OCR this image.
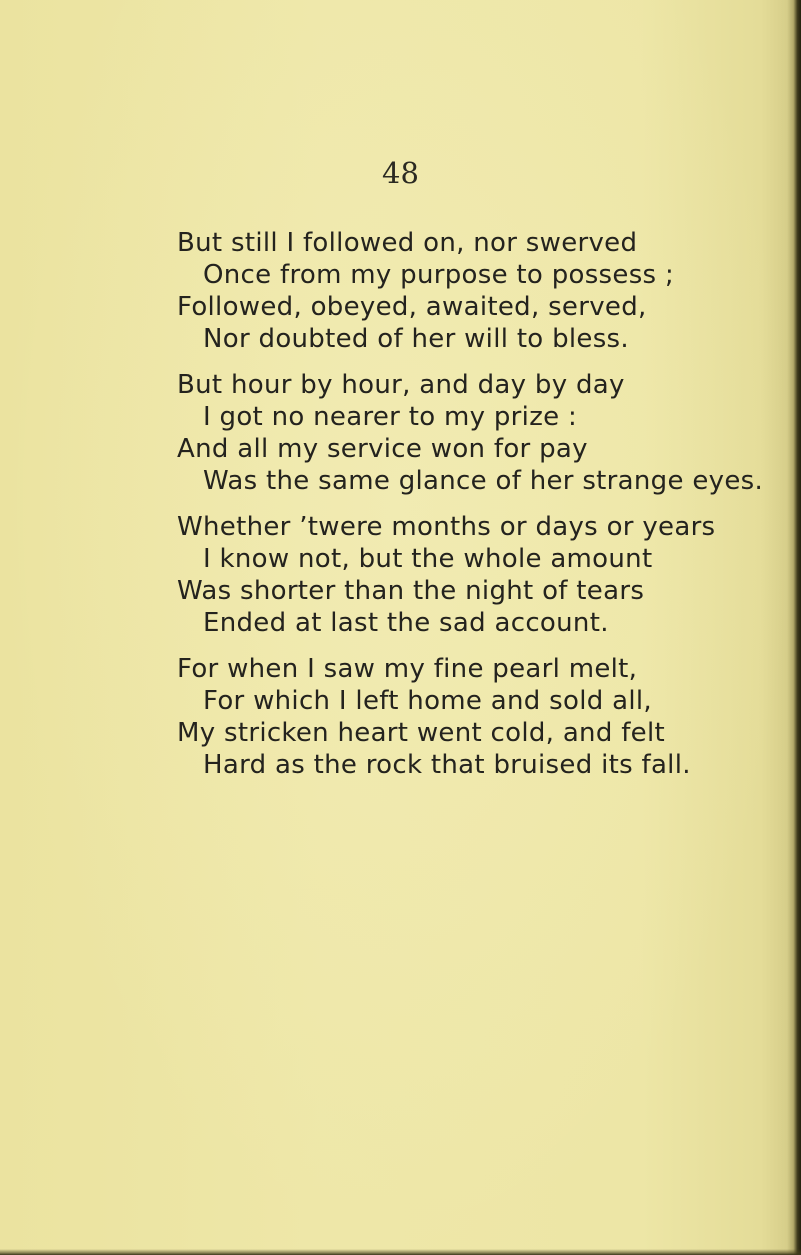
48

But still I followed on, nor swerved
Once from my purpose to possess ;
Followed, obeyed, awaited, served,
Nor doubted of her will to bless.
But hour by hour, and day by day
I got no nearer to my prize :
And all my service won for pay
Was the same glance of her strange eyes.
Whether ’twere months or days or years
I know not, but the whole amount
Was shorter than the night of tears
Ended at last the sad account.
For when I saw my fine pearl melt,
For which I left home and sold all,
My stricken heart went cold, and felt
Hard as the rock that bruised its fall.
